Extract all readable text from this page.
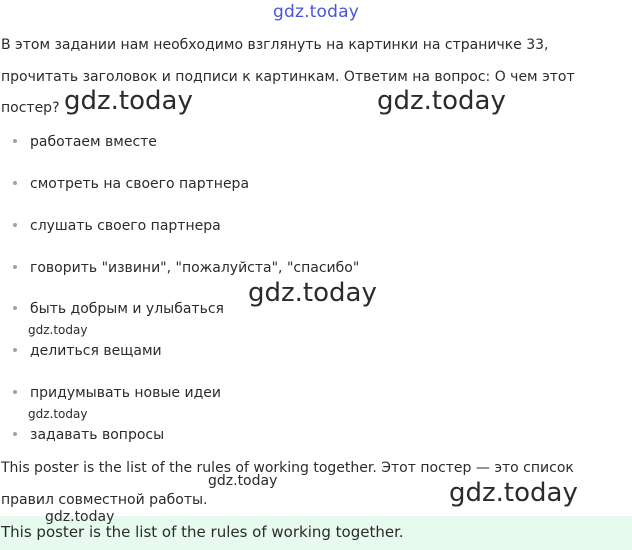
gdz.today
В этом задании нам необходимо взглянуть на картинки на страничке 33,
прочитать заголовок и подписи к картинкам. Ответим на вопрос: О чем этот
постер?
работаем вместе
смотреть на своего партнера
слушать своего партнера
говорить "извини", "пожалуйста", "спасибо"
быть добрым и улыбаться
делиться вещами
придумывать новые идеи
задавать вопросы
This poster is the list of the rules of working together. Этот постер — это список
правил совместной работы.
This poster is the list of the rules of working together.
gdz.today	gdz.today
gdz.today
gdz.today
gdz.today
gdz.today	gdz.today
gdz.today
